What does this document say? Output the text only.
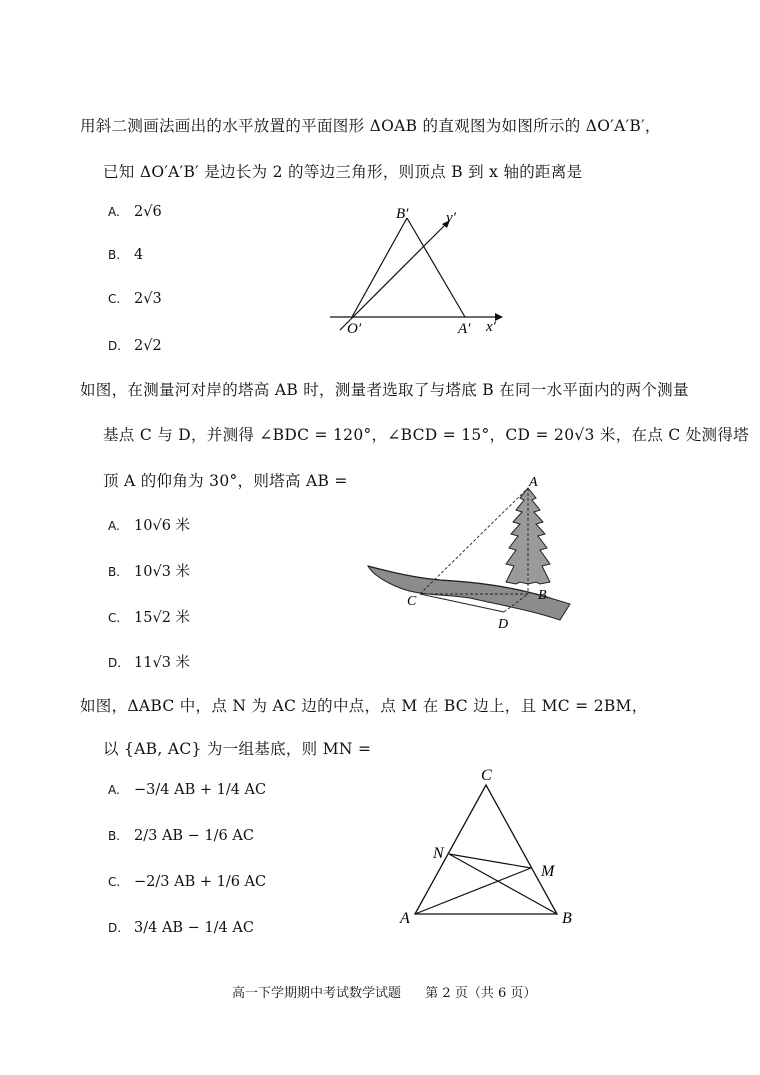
用斜二测画法画出的水平放置的平面图形 ΔOAB 的直观图为如图所示的 ΔO′A′B′，
已知 ΔO′A′B′ 是边长为 2 的等边三角形，则顶点 B 到 x 轴的距离是
A. 2√6
B. 4
C. 2√3
D. 2√2
B′	y′
O′	A′ x′
如图，在测量河对岸的塔高 AB 时，测量者选取了与塔底 B 在同一水平面内的两个测量
基点 C 与 D，并测得 ∠BDC = 120°，∠BCD = 15°，CD = 20√3 米，在点 C 处测得塔
顶 A 的仰角为 30°，则塔高 AB =
A. 10√6 米
B. 10√3 米
C. 15√2 米
D. 11√3 米
A
B
C
D
如图，ΔABC 中，点 N 为 AC 边的中点，点 M 在 BC 边上，且 MC = 2BM，
以 {AB, AC} 为一组基底，则 MN =
A. −3/4 AB + 1/4 AC
B. 2/3 AB − 1/6 AC
C. −2/3 AB + 1/6 AC
D. 3/4 AB − 1/4 AC
C
N
M
A	B
高一下学期期中考试数学试题 第 2 页（共 6 页）
